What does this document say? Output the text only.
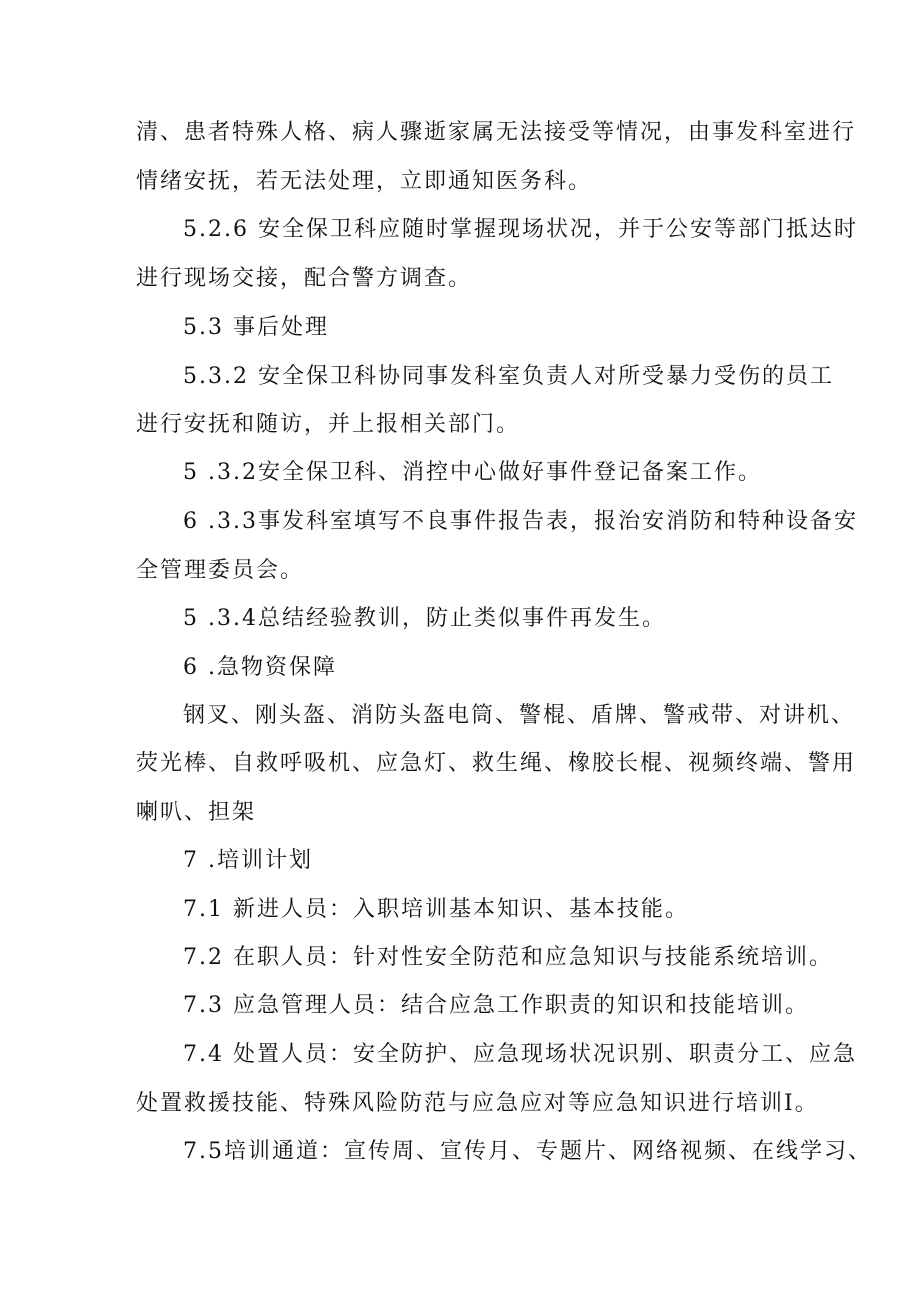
清、患者特殊人格、病人骤逝家属无法接受等情况，由事发科室进行
情绪安抚，若无法处理，立即通知医务科。
5.2.6 安全保卫科应随时掌握现场状况，并于公安等部门抵达时
进行现场交接，配合警方调查。
5.3 事后处理
5.3.2 安全保卫科协同事发科室负责人对所受暴力受伤的员工
进行安抚和随访，并上报相关部门。
5 .3.2安全保卫科、消控中心做好事件登记备案工作。
6 .3.3事发科室填写不良事件报告表，报治安消防和特种设备安
全管理委员会。
5 .3.4总结经验教训，防止类似事件再发生。
6 .急物资保障
钢叉、刚头盔、消防头盔电筒、警棍、盾牌、警戒带、对讲机、
荧光棒、自救呼吸机、应急灯、救生绳、橡胶长棍、视频终端、警用
喇叭、担架
7 .培训计划
7.1 新进人员：入职培训基本知识、基本技能。
7.2 在职人员：针对性安全防范和应急知识与技能系统培训。
7.3 应急管理人员：结合应急工作职责的知识和技能培训。
7.4 处置人员：安全防护、应急现场状况识别、职责分工、应急
处置救援技能、特殊风险防范与应急应对等应急知识进行培训I。
7.5培训通道：宣传周、宣传月、专题片、网络视频、在线学习、
